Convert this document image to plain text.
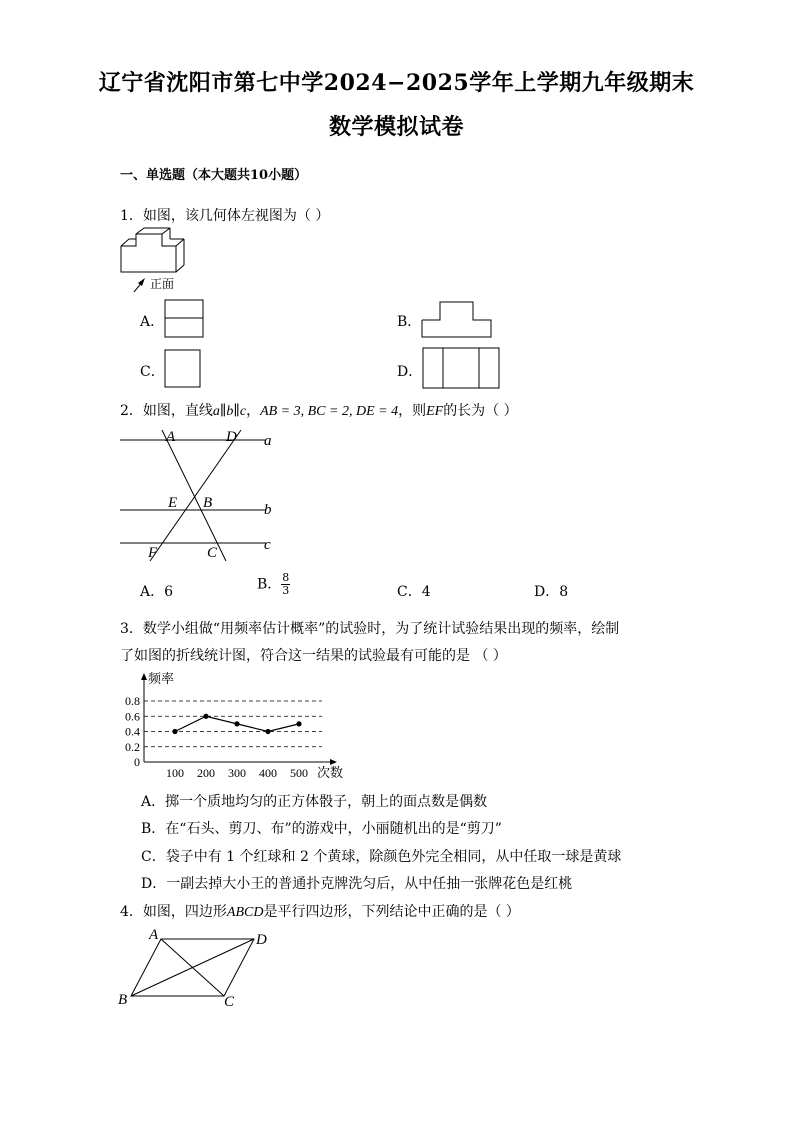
辽宁省沈阳市第七中学2024−2025学年上学期九年级期末
数学模拟试卷
一、单选题（本大题共10小题）
1．如图，该几何体左视图为（ ）
正面
A．	B．
C．	D．
2．如图，直线a∥b∥c，AB = 3, BC = 2, DE = 4，则EF的长为（ ）
A	D
E B
F	C
a
b
c
A．6	B． $\frac{8}{3}$	C．4	D．8
3．数学小组做“用频率估计概率”的试验时，为了统计试验结果出现的频率，绘制
了如图的折线统计图，符合这一结果的试验最有可能的是 （ ）
0
0.2
0.4
0.6
0.8
100 200 300 400 500
频率
次数
A．掷一个质地均匀的正方体骰子，朝上的面点数是偶数
B．在“石头、剪刀、布”的游戏中，小丽随机出的是“剪刀”
C．袋子中有 1 个红球和 2 个黄球，除颜色外完全相同，从中任取一球是黄球
D．一副去掉大小王的普通扑克牌洗匀后，从中任抽一张牌花色是红桃
4．如图，四边形ABCD是平行四边形，下列结论中正确的是（ ）
A
B	C
D
